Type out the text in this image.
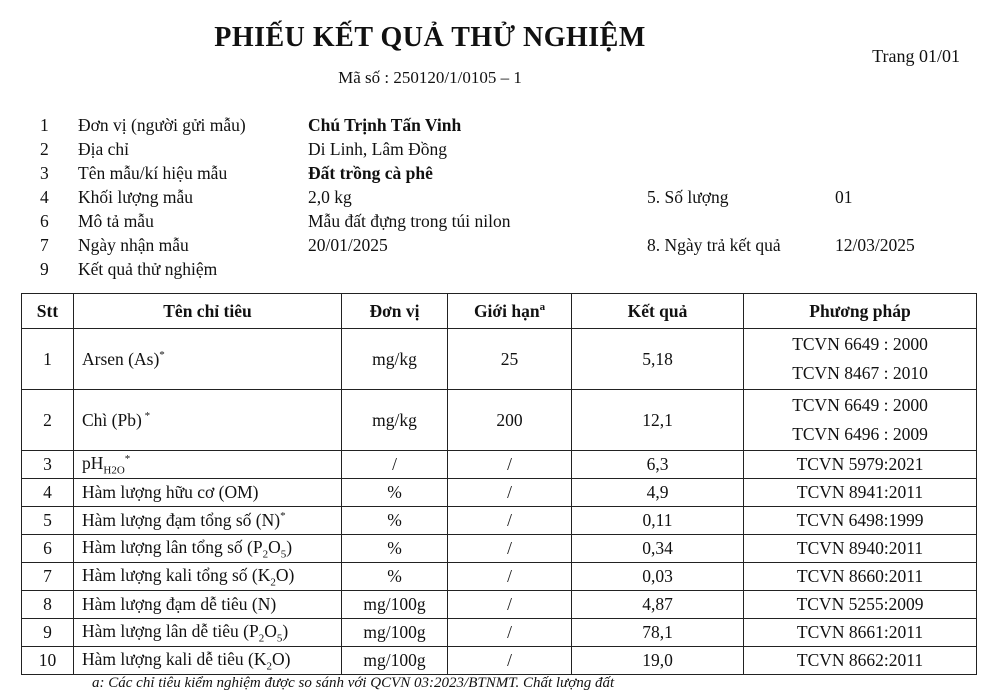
PHIẾU KẾT QUẢ THỬ NGHIỆM
Mã số : 250120/1/0105 – 1
Trang 01/01
1	Đơn vị (người gửi mẫu)	Chú Trịnh Tấn Vinh
2	Địa chỉ	Di Linh, Lâm Đồng
3	Tên mẫu/kí hiệu mẫu	Đất trồng cà phê
4	Khối lượng mẫu	2,0 kg	5. Số lượng	01
6	Mô tả mẫu	Mẫu đất đựng trong túi nilon
7	Ngày nhận mẫu	20/01/2025	8. Ngày trả kết quả	12/03/2025
9	Kết quả thử nghiệm
Stt	Tên chỉ tiêu	Đơn vị	Giới hạn$^a$	Kết quả	Phương pháp
1	Arsen (As)*	mg/kg	25	5,18	TCVN 6649 : 2000
TCVN 8467 : 2010

2	Chì (Pb) *	mg/kg	200	12,1	TCVN 6649 : 2000
TCVN 6496 : 2009

3	$pH_{H2O}^*$	/	/	6,3	TCVN 5979:2021
4	Hàm lượng hữu cơ (OM)	%	/	4,9	TCVN 8941:2011
5	Hàm lượng đạm tổng số (N)*	%	/	0,11	TCVN 6498:1999
6	Hàm lượng lân tổng số $(P_2O_5)$	%	/	0,34	TCVN 8940:2011
7	Hàm lượng kali tổng số $(K_2O)$	%	/	0,03	TCVN 8660:2011
8	Hàm lượng đạm dễ tiêu (N)	mg/100g	/	4,87	TCVN 5255:2009
9	Hàm lượng lân dễ tiêu $(P_2O_5)$	mg/100g	/	78,1	TCVN 8661:2011
10	Hàm lượng kali dễ tiêu $(K_2O)$	mg/100g	/	19,0	TCVN 8662:2011
a: Các chỉ tiêu kiểm nghiệm được so sánh với QCVN 03:2023/BTNMT. Chất lượng đất
